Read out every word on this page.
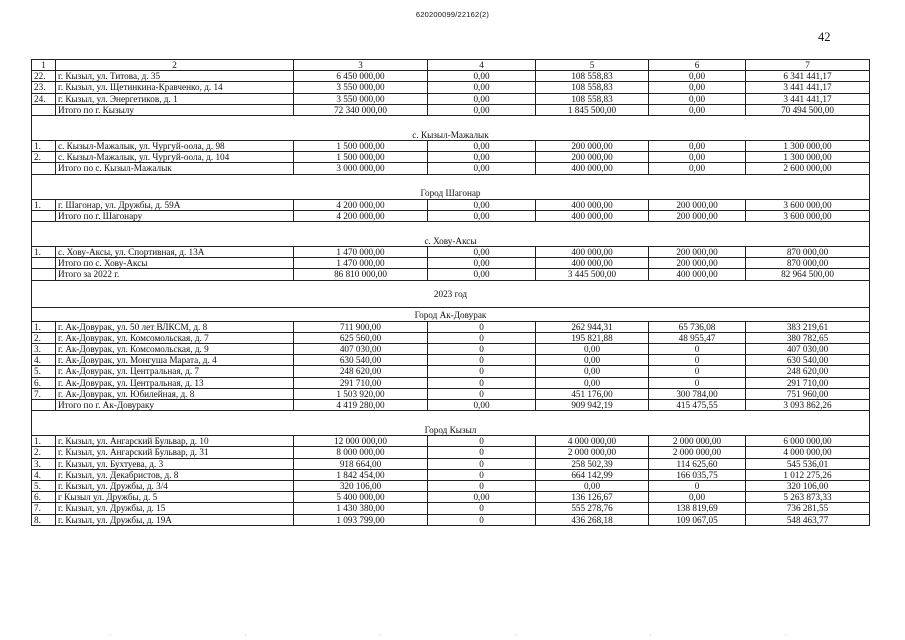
620200099/22162(2)
42
1	2	3	4	5	6	7
22.	г. Кызыл, ул. Титова, д. 35	6 450 000,00	0,00	108 558,83	0,00	6 341 441,17
23.	г. Кызыл, ул. Щетинкина-Кравченко, д. 14	3 550 000,00	0,00	108 558,83	0,00	3 441 441,17
24.	г. Кызыл, ул. Энергетиков, д. 1	3 550 000,00	0,00	108 558,83	0,00	3 441 441,17
	Итого по г. Кызылу	72 340 000,00	0,00	1 845 500,00	0,00	70 494 500,00
с. Кызыл-Мажалык						
1.	с. Кызыл-Мажалык, ул. Чургуй-оола, д. 98	1 500 000,00	0,00	200 000,00	0,00	1 300 000,00
2.	с. Кызыл-Мажалык, ул. Чургуй-оола, д. 104	1 500 000,00	0,00	200 000,00	0,00	1 300 000,00
	Итого по с. Кызыл-Мажалык	3 000 000,00	0,00	400 000,00	0,00	2 600 000,00
Город Шагонар						
1.	г. Шагонар, ул. Дружбы, д. 59А	4 200 000,00	0,00	400 000,00	200 000,00	3 600 000,00
	Итого по г. Шагонару	4 200 000,00	0,00	400 000,00	200 000,00	3 600 000,00
с. Хову-Аксы						
1.	с. Хову-Аксы, ул. Спортивная, д. 13А	1 470 000,00	0,00	400 000,00	200 000,00	870 000,00
	Итого по с. Хову-Аксы	1 470 000,00	0,00	400 000,00	200 000,00	870 000,00
	Итого за 2022 г.	86 810 000,00	0,00	3 445 500,00	400 000,00	82 964 500,00
2023 год						
Город Ак-Довурак						
1.	г. Ак-Довурак, ул. 50 лет ВЛКСМ, д. 8	711 900,00	0	262 944,31	65 736,08	383 219,61
2.	г. Ак-Довурак, ул. Комсомольская, д. 7	625 560,00	0	195 821,88	48 955,47	380 782,65
3.	г. Ак-Довурак, ул. Комсомольская, д. 9	407 030,00	0	0,00	0	407 030,00
4.	г. Ак-Довурак, ул. Монгуша Марата, д. 4	630 540,00	0	0,00	0	630 540,00
5.	г. Ак-Довурак, ул. Центральная, д. 7	248 620,00	0	0,00	0	248 620,00
6.	г. Ак-Довурак, ул. Центральная, д. 13	291 710,00	0	0,00	0	291 710,00
7.	г. Ак-Довурак, ул. Юбилейная, д. 8	1 503 920,00	0	451 176,00	300 784,00	751 960,00
	Итого по г. Ак-Довураку	4 419 280,00	0,00	909 942,19	415 475,55	3 093 862,26
Город Кызыл						
1.	г. Кызыл, ул. Ангарский Бульвар, д. 10	12 000 000,00	0	4 000 000,00	2 000 000,00	6 000 000,00
2.	г. Кызыл, ул. Ангарский Бульвар, д. 31	8 000 000,00	0	2 000 000,00	2 000 000,00	4 000 000,00
3.	г. Кызыл, ул. Бухтуева, д. 3	918 664,00	0	258 502,39	114 625,60	545 536,01
4.	г. Кызыл, ул. Декабристов, д. 8	1 842 454,00	0	664 142,99	166 035,75	1 012 275,26
5.	г. Кызыл, ул. Дружбы, д. 3/4	320 106,00	0	0,00	0	320 106,00
6.	г Кызыл ул. Дружбы, д. 5	5 400 000,00	0,00	136 126,67	0,00	5 263 873,33
7.	г. Кызыл, ул. Дружбы, д. 15	1 430 380,00	0	555 278,76	138 819,69	736 281,55
8.	г. Кызыл, ул. Дружбы, д. 19А	1 093 799,00	0	436 268,18	109 067,05	548 463,77
